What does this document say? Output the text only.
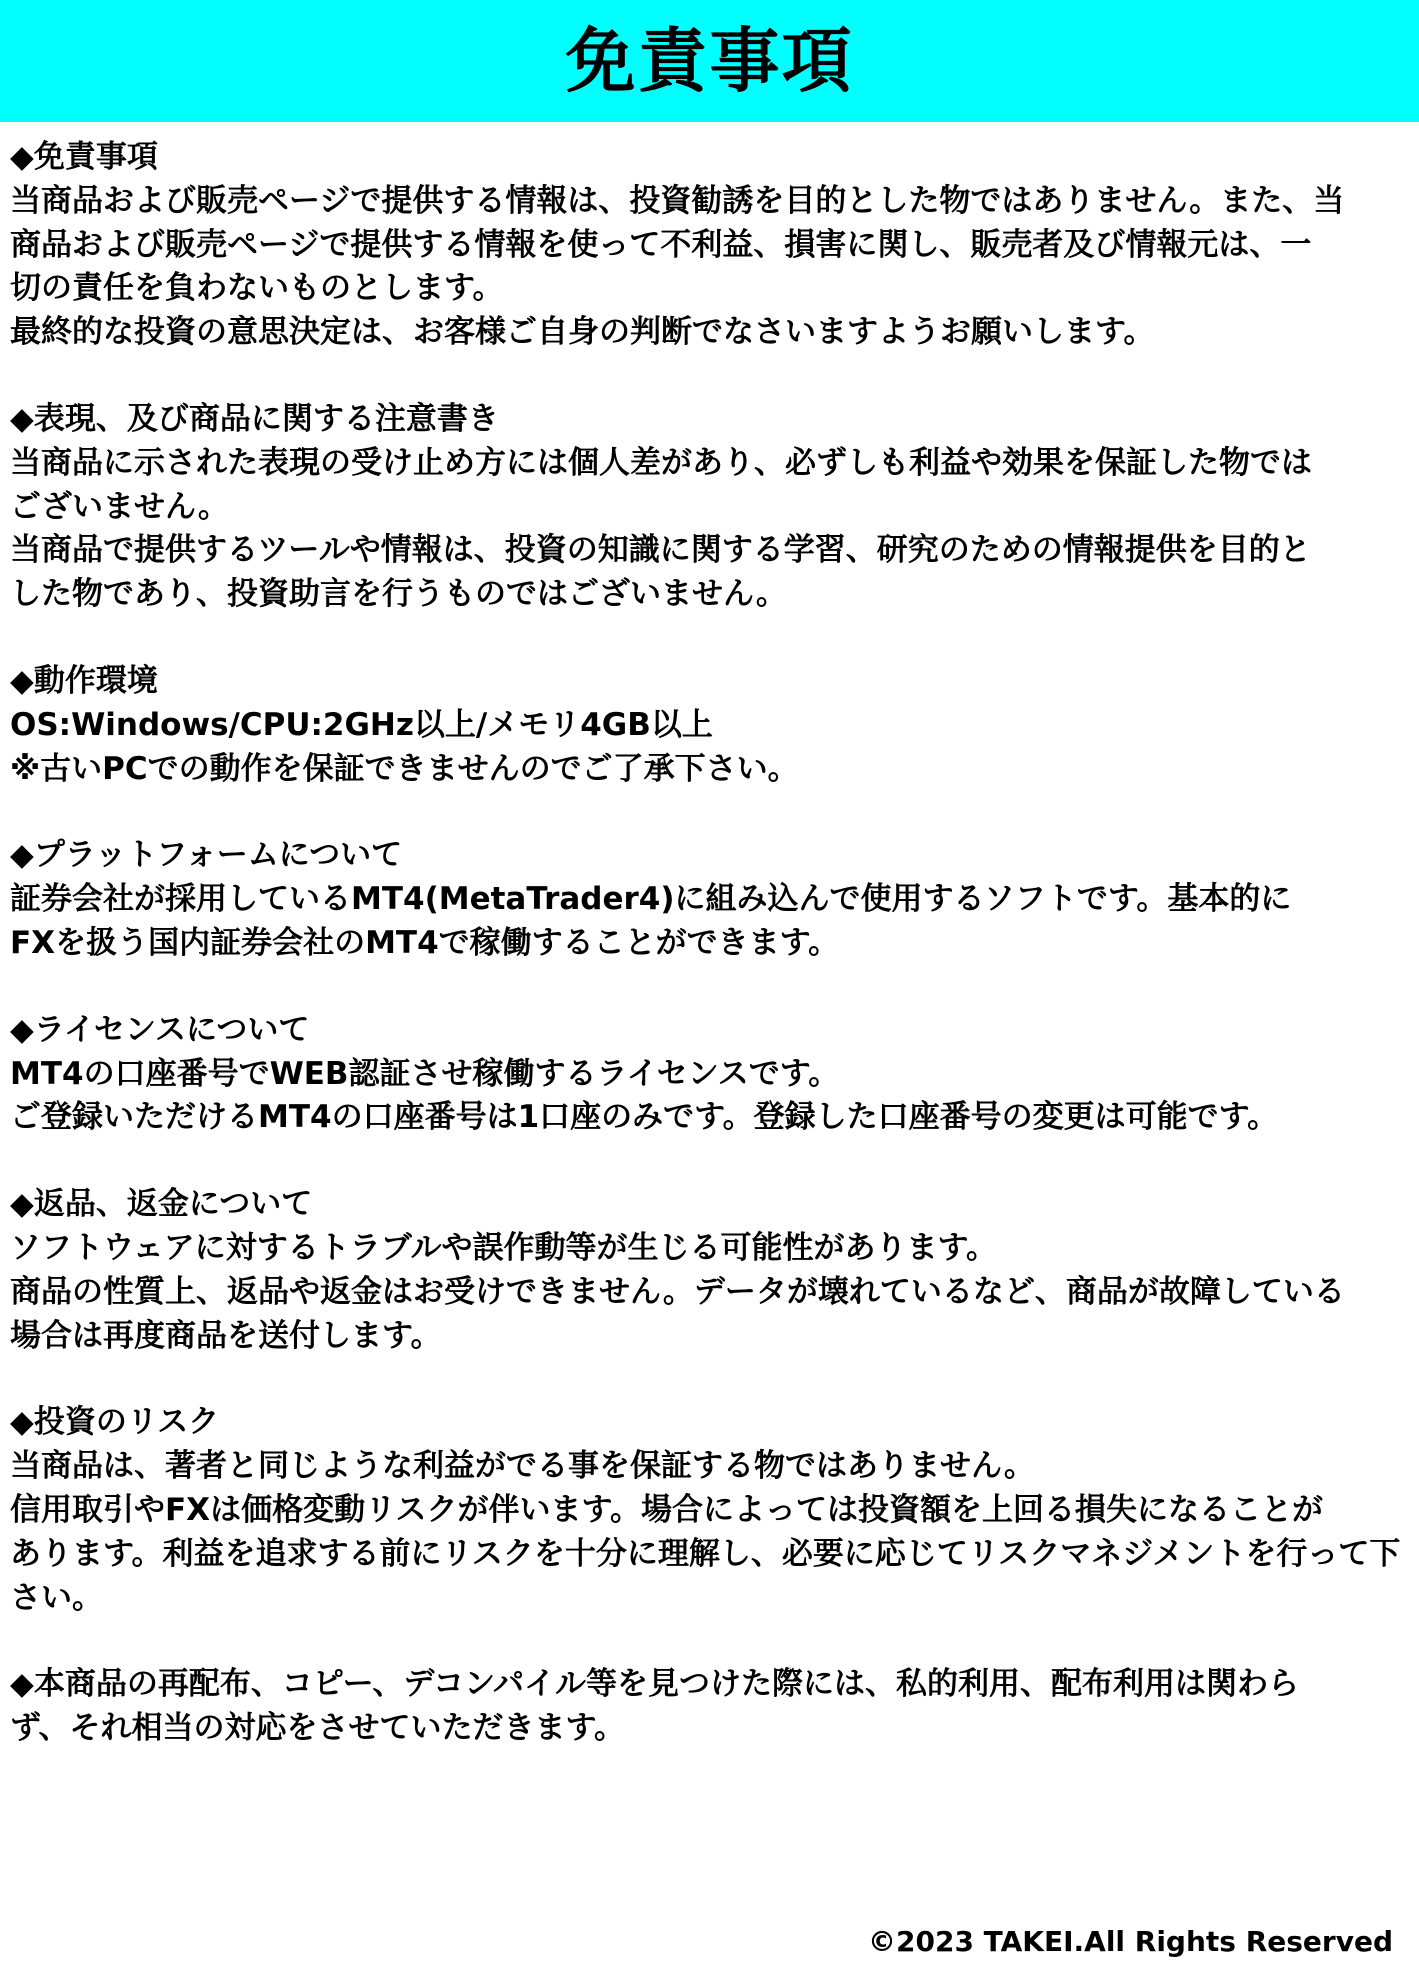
免責事項

◆免責事項

当商品および販売ページで提供する情報は、投資勧誘を目的とした物ではありません。また、当

商品および販売ページで提供する情報を使って不利益、損害に関し、販売者及び情報元は、一

切の責任を負わないものとします。

最終的な投資の意思決定は、お客様ご自身の判断でなさいますようお願いします。

◆表現、及び商品に関する注意書き

当商品に示された表現の受け止め方には個人差があり、必ずしも利益や効果を保証した物では

ございません。

当商品で提供するツールや情報は、投資の知識に関する学習、研究のための情報提供を目的と

した物であり、投資助言を行うものではございません。

◆動作環境

OS:Windows/CPU:2GHz以上/メモリ4GB以上

※古いPCでの動作を保証できませんのでご了承下さい。

◆プラットフォームについて

証券会社が採用しているMT4(MetaTrader4)に組み込んで使用するソフトです。基本的に

FXを扱う国内証券会社のMT4で稼働することができます。

◆ライセンスについて

MT4の口座番号でWEB認証させ稼働するライセンスです。

ご登録いただけるMT4の口座番号は1口座のみです。登録した口座番号の変更は可能です。

◆返品、返金について

ソフトウェアに対するトラブルや誤作動等が生じる可能性があります。

商品の性質上、返品や返金はお受けできません。データが壊れているなど、商品が故障している

場合は再度商品を送付します。

◆投資のリスク

当商品は、著者と同じような利益がでる事を保証する物ではありません。

信用取引やFXは価格変動リスクが伴います。場合によっては投資額を上回る損失になることが

あります。利益を追求する前にリスクを十分に理解し、必要に応じてリスクマネジメントを行って下

さい。

◆本商品の再配布、コピー、デコンパイル等を見つけた際には、私的利用、配布利用は関わら

ず、それ相当の対応をさせていただきます。

©2023 TAKEI.All Rights Reserved
